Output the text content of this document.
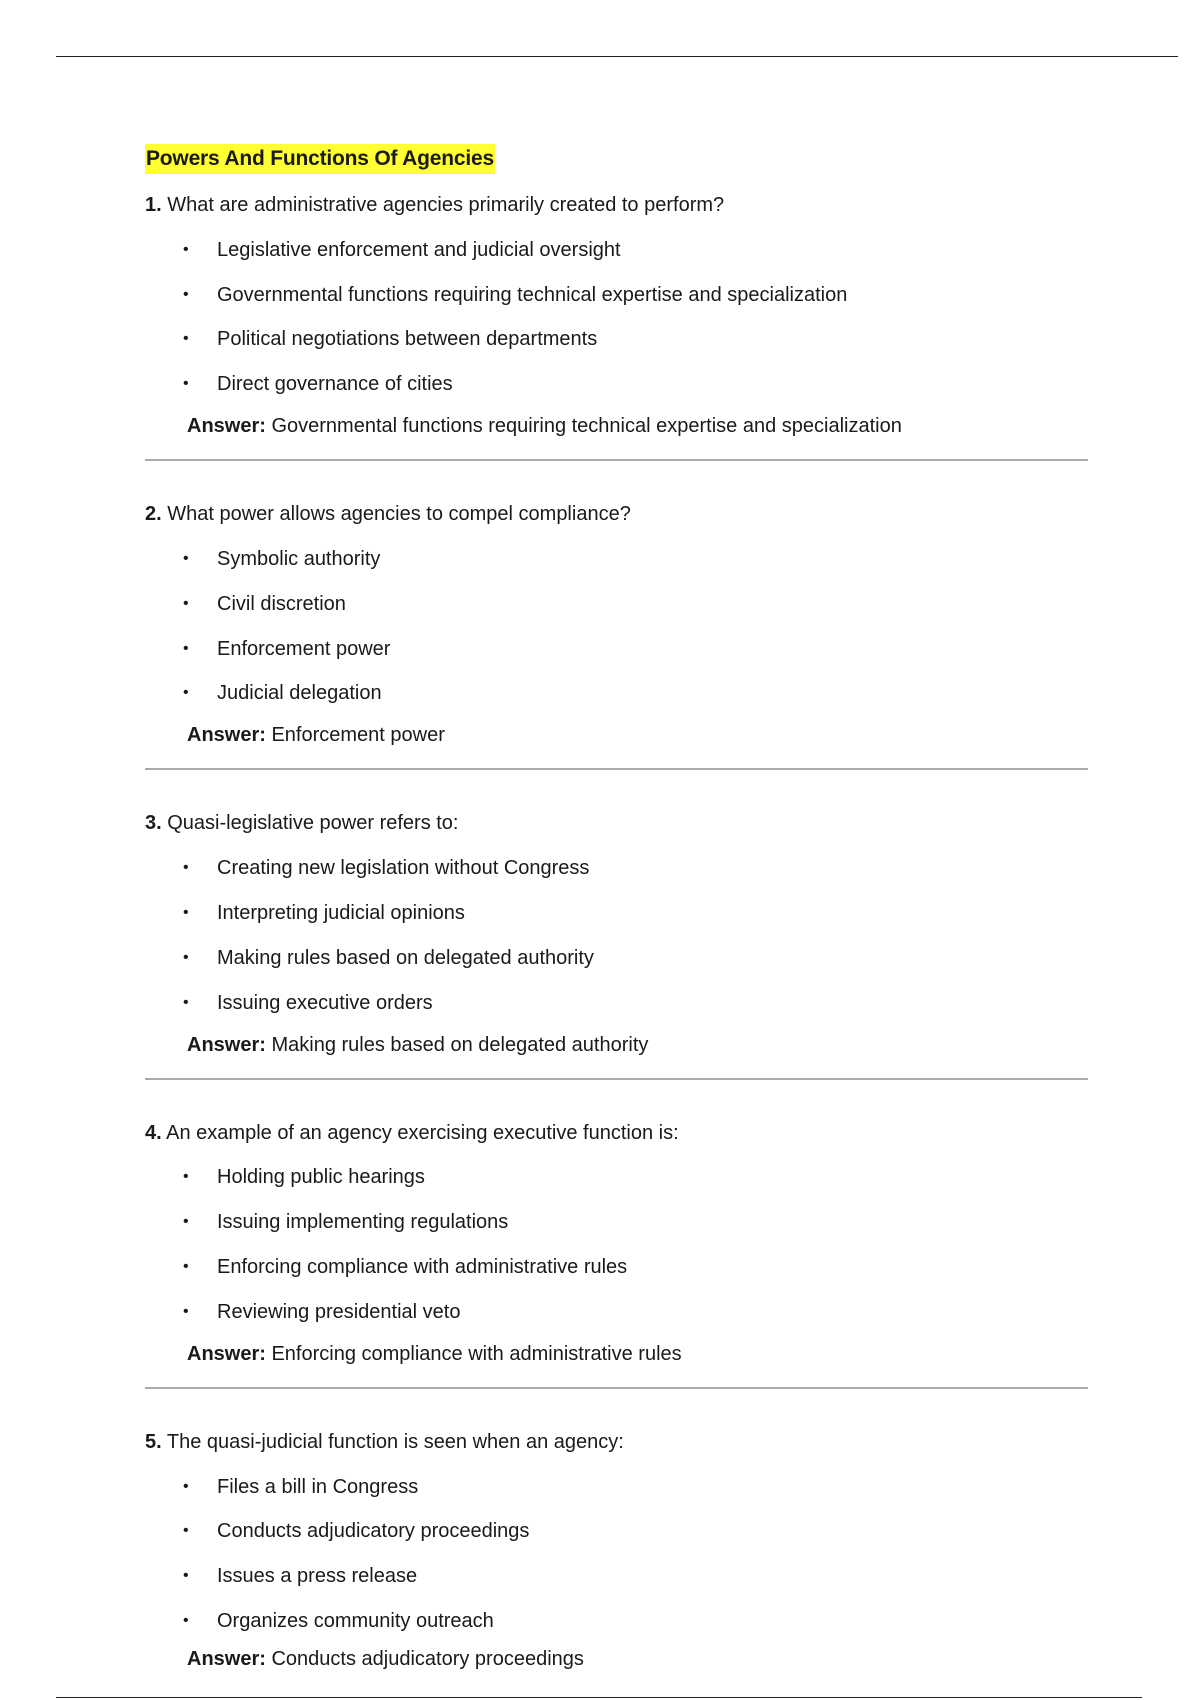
Powers And Functions Of Agencies

1. What are administrative agencies primarily created to perform?

• Legislative enforcement and judicial oversight
• Governmental functions requiring technical expertise and specialization
• Political negotiations between departments
• Direct governance of cities

Answer: Governmental functions requiring technical expertise and specialization

2. What power allows agencies to compel compliance?

• Symbolic authority
• Civil discretion
• Enforcement power
• Judicial delegation

Answer: Enforcement power

3. Quasi-legislative power refers to:

• Creating new legislation without Congress
• Interpreting judicial opinions
• Making rules based on delegated authority
• Issuing executive orders

Answer: Making rules based on delegated authority

4. An example of an agency exercising executive function is:

• Holding public hearings
• Issuing implementing regulations
• Enforcing compliance with administrative rules
• Reviewing presidential veto

Answer: Enforcing compliance with administrative rules

5. The quasi-judicial function is seen when an agency:

• Files a bill in Congress
• Conducts adjudicatory proceedings
• Issues a press release
• Organizes community outreach

Answer: Conducts adjudicatory proceedings
